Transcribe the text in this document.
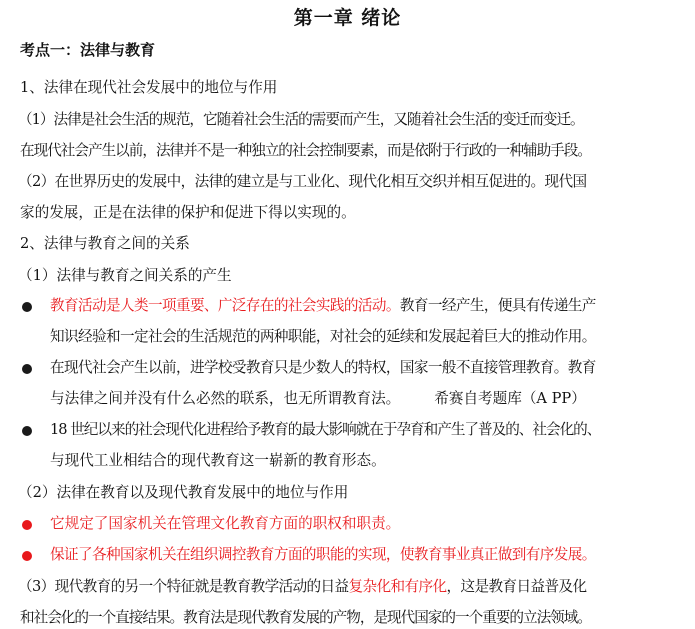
第一章 绪论
考点一：法律与教育
1、法律在现代社会发展中的地位与作用
（1）法律是社会生活的规范，它随着社会生活的需要而产生，又随着社会生活的变迁而变迁。
在现代社会产生以前，法律并不是一种独立的社会控制要素，而是依附于行政的一种辅助手段。
（2）在世界历史的发展中，法律的建立是与工业化、现代化相互交织并相互促进的。现代国
家的发展，正是在法律的保护和促进下得以实现的。
2、法律与教育之间的关系
（1）法律与教育之间关系的产生
教育活动是人类一项重要、广泛存在的社会实践的活动。教育一经产生，便具有传递生产
知识经验和一定社会的生活规范的两种职能，对社会的延续和发展起着巨大的推动作用。
在现代社会产生以前，进学校受教育只是少数人的特权，国家一般不直接管理教育。教育
与法律之间并没有什么必然的联系，也无所谓教育法。 希赛自考题库（A PP）
18 世纪以来的社会现代化进程给予教育的最大影响就在于孕育和产生了普及的、社会化的、
与现代工业相结合的现代教育这一崭新的教育形态。
（2）法律在教育以及现代教育发展中的地位与作用
它规定了国家机关在管理文化教育方面的职权和职责。
保证了各种国家机关在组织调控教育方面的职能的实现，使教育事业真正做到有序发展。
（3）现代教育的另一个特征就是教育教学活动的日益复杂化和有序化，这是教育日益普及化
和社会化的一个直接结果。教育法是现代教育发展的产物，是现代国家的一个重要的立法领域。
